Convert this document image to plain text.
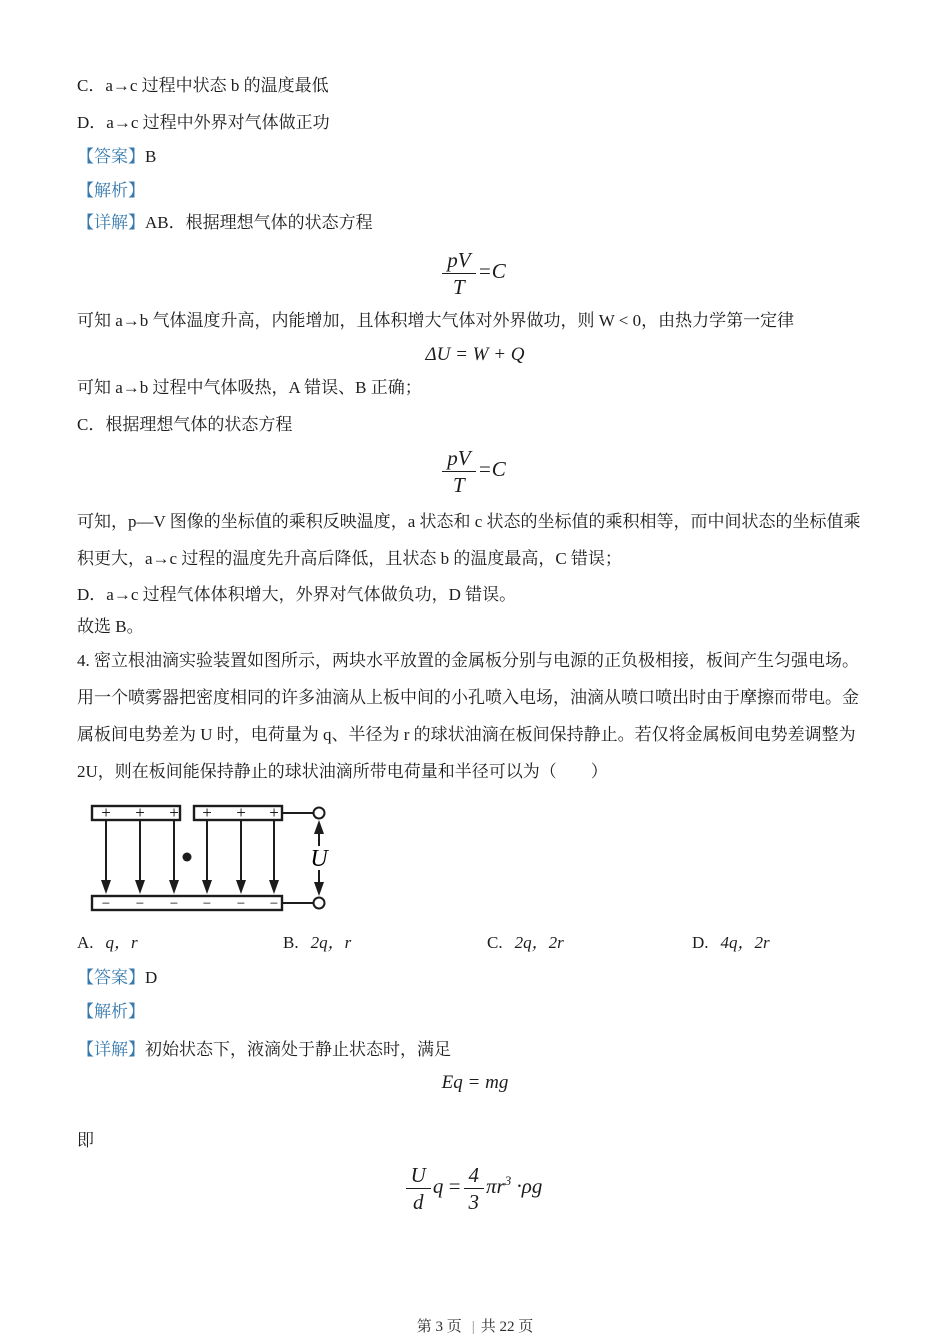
C．a→c 过程中状态 b 的温度最低
D．a→c 过程中外界对气体做正功
【答案】B
【解析】
【详解】AB．根据理想气体的状态方程
$\frac{pV}{T} =C$
可知 a→b 气体温度升高，内能增加，且体积增大气体对外界做功，则 W < 0，由热力学第一定律
ΔU = W + Q
可知 a→b 过程中气体吸热，A 错误、B 正确；
C．根据理想气体的状态方程
$\frac{pV}{T} =C$
可知，p—V 图像的坐标值的乘积反映温度，a 状态和 c 状态的坐标值的乘积相等，而中间状态的坐标值乘
积更大，a→c 过程的温度先升高后降低，且状态 b 的温度最高，C 错误；
D．a→c 过程气体体积增大，外界对气体做负功，D 错误。
故选 B。
4. 密立根油滴实验装置如图所示，两块水平放置的金属板分别与电源的正负极相接，板间产生匀强电场。
用一个喷雾器把密度相同的许多油滴从上板中间的小孔喷入电场，油滴从喷口喷出时由于摩擦而带电。金
属板间电势差为 U 时，电荷量为 q、半径为 r 的球状油滴在板间保持静止。若仅将金属板间电势差调整为
2U，则在板间能保持静止的球状油滴所带电荷量和半径可以为（　　）
+ + + + + +
− − − − − −
U
A. q，r	B. 2q，r	C. 2q，2r	D. 4q，2r
【答案】D
【解析】
【详解】初始状态下，液滴处于静止状态时，满足
Eq = mg
即
$\frac{U}{d}$ $q = \frac{4}{3} \pi r^3 \cdot\rho g$
第 3 页 | 共 22 页
